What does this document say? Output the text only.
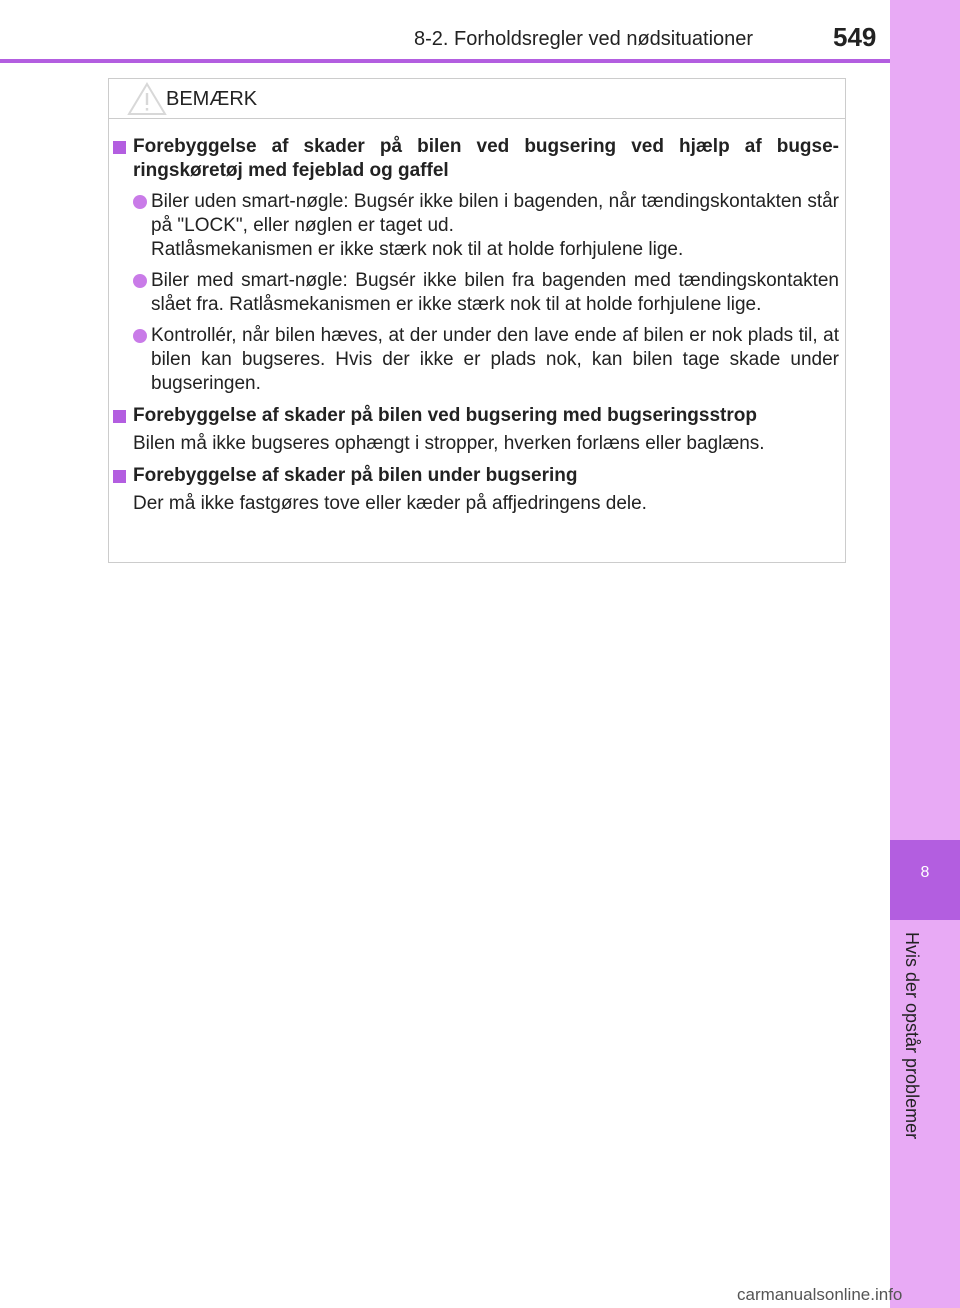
8-2. Forholdsregler ved nødsituationer	549
8
Hvis der opstår problemer
BEMÆRK
Forebyggelse af skader på bilen ved bugsering ved hjælp af bugseringskøretøj med fejeblad og gaffel
Biler uden smart-nøgle: Bugsér ikke bilen i bagenden, når tændingskontakten står på "LOCK", eller nøglen er taget ud.
Ratlåsmekanismen er ikke stærk nok til at holde forhjulene lige.
Biler med smart-nøgle: Bugsér ikke bilen fra bagenden med tændingskontakten slået fra. Ratlåsmekanismen er ikke stærk nok til at holde forhjulene lige.
Kontrollér, når bilen hæves, at der under den lave ende af bilen er nok plads til, at bilen kan bugseres. Hvis der ikke er plads nok, kan bilen tage skade under bugseringen.
Forebyggelse af skader på bilen ved bugsering med bugseringsstrop
Bilen må ikke bugseres ophængt i stropper, hverken forlæns eller baglæns.
Forebyggelse af skader på bilen under bugsering
Der må ikke fastgøres tove eller kæder på affjedringens dele.
carmanualsonline.info
